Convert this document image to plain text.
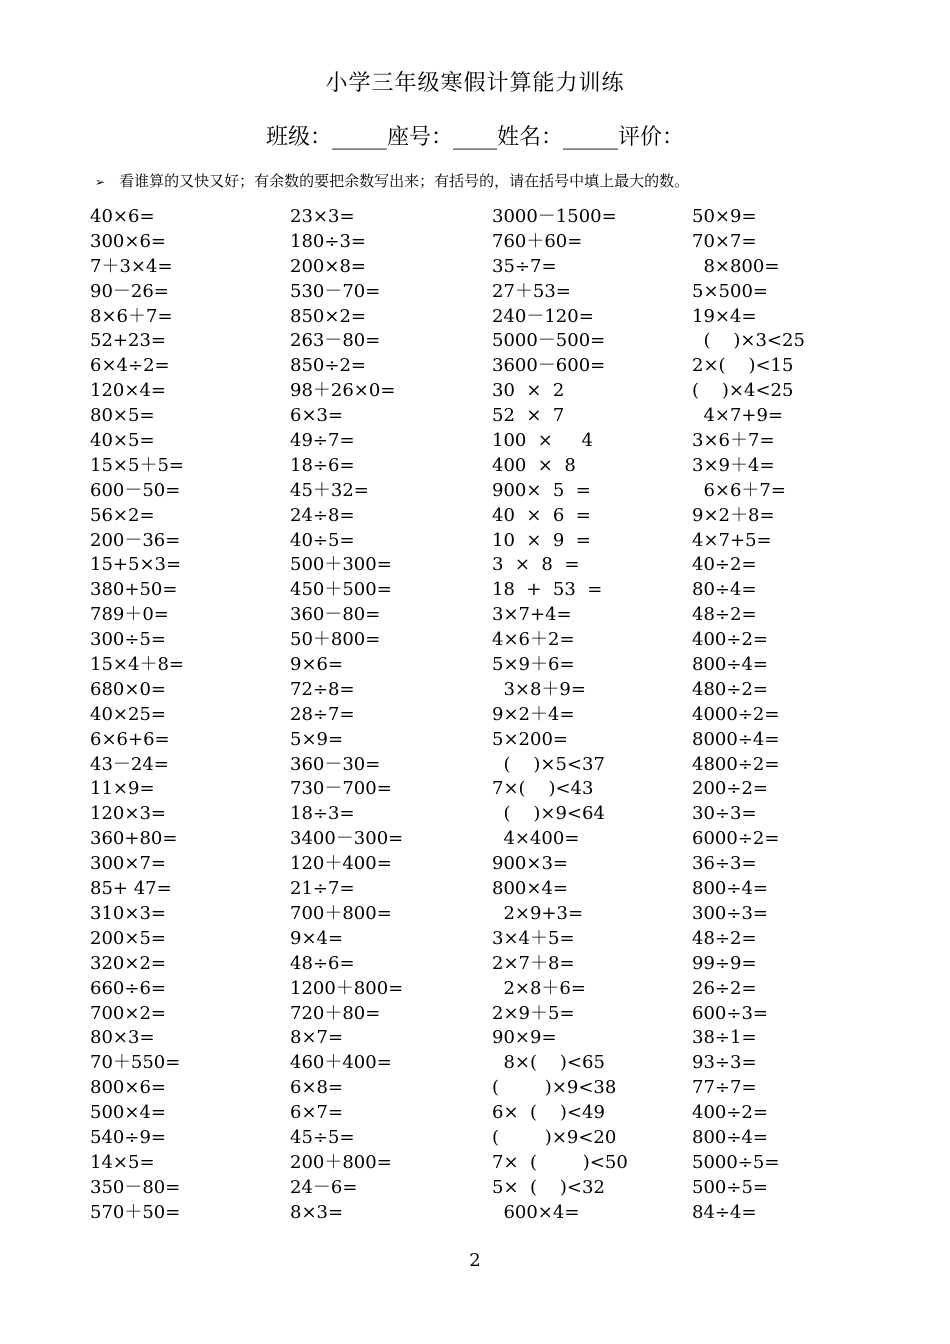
小学三年级寒假计算能力训练
班级：_____座号：____姓名：_____评价：
➢ 看谁算的又快又好；有余数的要把余数写出来；有括号的，请在括号中填上最大的数。
40×6=
300×6=
7＋3×4=
90－26=
8×6＋7=
52+23=
6×4÷2=
120×4=
80×5=
40×5=
15×5＋5=
600－50=
56×2=
200－36=
15+5×3=
380+50=
789＋0=
300÷5=
15×4＋8=
680×0=
40×25=
6×6+6=
43－24=
11×9=
120×3=
360+80=
300×7=
85+ 47=
310×3=
200×5=
320×2=
660÷6=
700×2=
80×3=
70＋550=
800×6=
500×4=
540÷9=
14×5=
350－80=
570＋50=
23×3=
180÷3=
200×8=
530－70=
850×2=
263－80=
850÷2=
98＋26×0=
6×3=
49÷7=
18÷6=
45＋32=
24÷8=
40÷5=
500＋300=
450＋500=
360－80=
50＋800=
9×6=
72÷8=
28÷7=
5×9=
360－30=
730－700=
18÷3=
3400－300=
120＋400=
21÷7=
700＋800=
9×4=
48÷6=
1200＋800=
720＋80=
8×7=
460＋400=
6×8=
6×7=
45÷5=
200＋800=
24－6=
8×3=
3000－1500=
760＋60=
35÷7=
27＋53=
240－120=
5000－500=
3600－600=
30  ×  2
52  ×  7
100  ×     4
400  ×  8
900×  5  =
40  ×  6  =
10  ×  9  =
3  ×  8  =
18  +  53  =
3×7+4=
4×6＋2=
5×9＋6=
3×8＋9=
9×2＋4=
5×200=
(    )×5<37
7×(    )<43
(    )×9<64
4×400=
900×3=
800×4=
2×9+3=
3×4＋5=
2×7＋8=
2×8＋6=
2×9＋5=
90×9=
8×(    )<65
(        )×9<38
6×  (    )<49
(        )×9<20
7×  (        )<50
5×  (    )<32
600×4=
50×9=
70×7=
8×800=
5×500=
19×4=
(    )×3<25
2×(    )<15
(    )×4<25
4×7+9=
3×6＋7=
3×9＋4=
6×6＋7=
9×2＋8=
4×7+5=
40÷2=
80÷4=
48÷2=
400÷2=
800÷4=
480÷2=
4000÷2=
8000÷4=
4800÷2=
200÷2=
30÷3=
6000÷2=
36÷3=
800÷4=
300÷3=
48÷2=
99÷9=
26÷2=
600÷3=
38÷1=
93÷3=
77÷7=
400÷2=
800÷4=
5000÷5=
500÷5=
84÷4=
2
